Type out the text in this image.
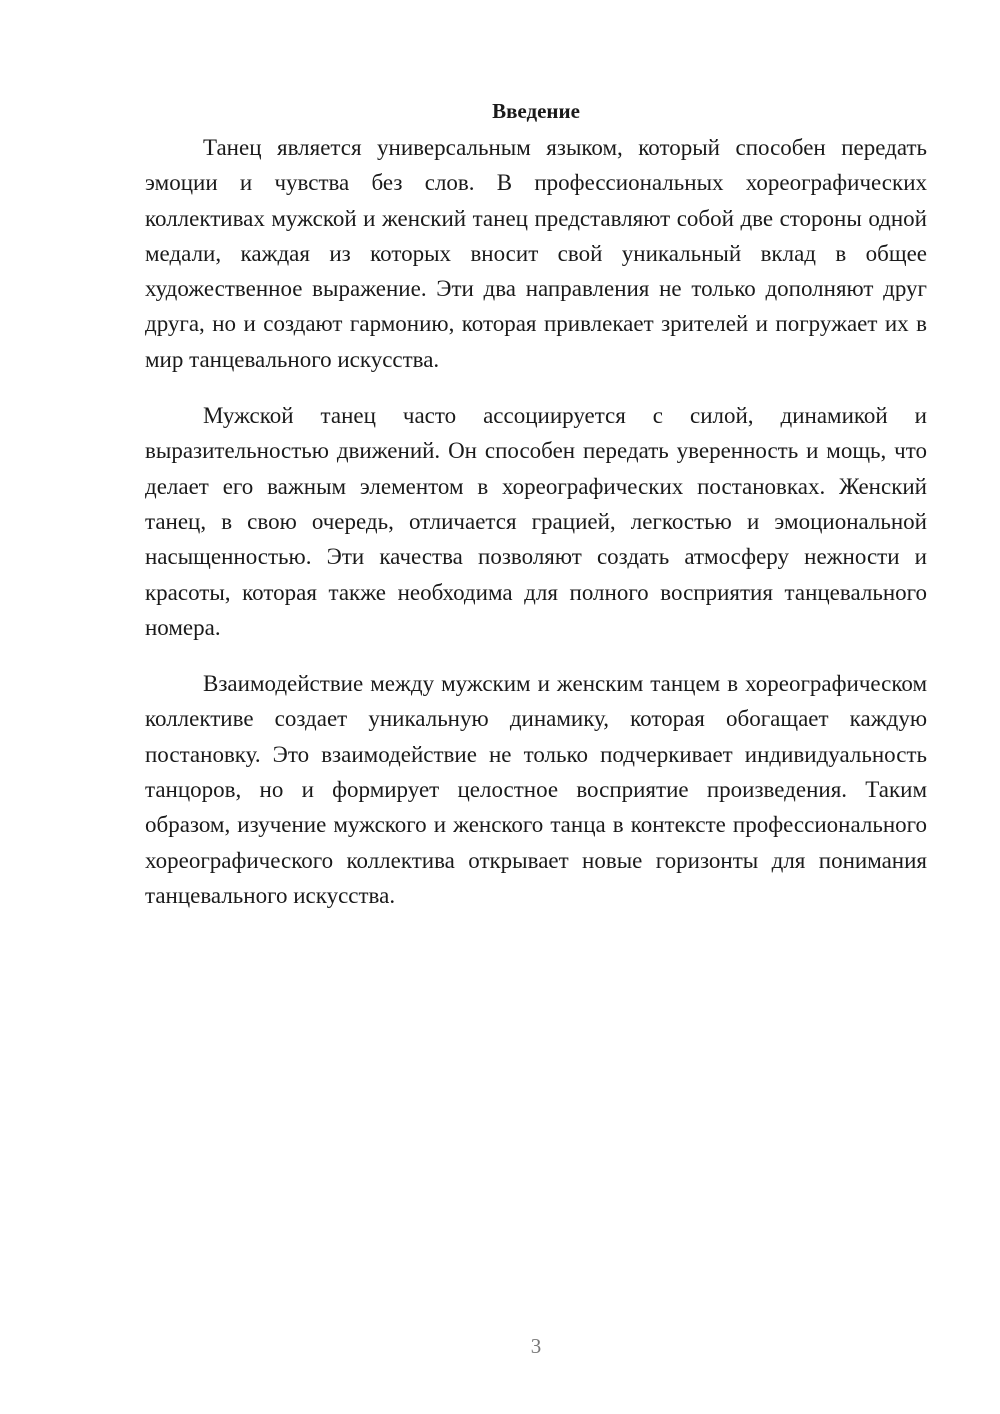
Введение

Танец является универсальным языком, который способен передать эмоции и чувства без слов. В профессиональных хореографических коллективах мужской и женский танец представляют собой две стороны одной медали, каждая из которых вносит свой уникальный вклад в общее художественное выражение. Эти два направления не только дополняют друг друга, но и создают гармонию, которая привлекает зрителей и погружает их в мир танцевального искусства.

Мужской танец часто ассоциируется с силой, динамикой и выразительностью движений. Он способен передать уверенность и мощь, что делает его важным элементом в хореографических постановках. Женский танец, в свою очередь, отличается грацией, легкостью и эмоциональной насыщенностью. Эти качества позволяют создать атмосферу нежности и красоты, которая также необходима для полного восприятия танцевального номера.

Взаимодействие между мужским и женским танцем в хореографическом коллективе создает уникальную динамику, которая обогащает каждую постановку. Это взаимодействие не только подчеркивает индивидуальность танцоров, но и формирует целостное восприятие произведения. Таким образом, изучение мужского и женского танца в контексте профессионального хореографического коллектива открывает новые горизонты для понимания танцевального искусства.

3
